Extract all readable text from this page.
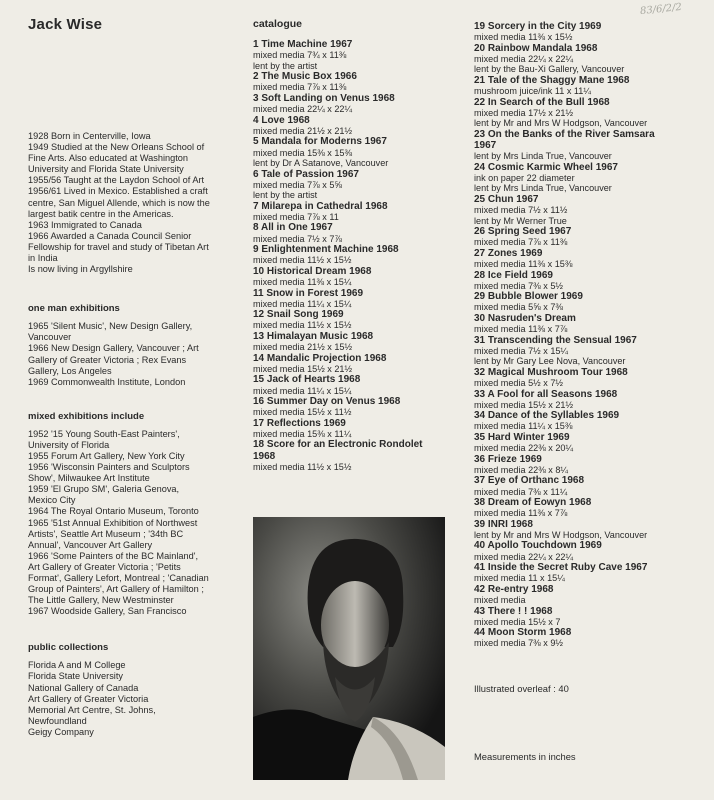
Jack Wise
1928 Born in Centerville, Iowa
1949 Studied at the New Orleans School of
Fine Arts. Also educated at Washington
University and Florida State University
1955/56 Taught at the Laydon School of Art
1956/61 Lived in Mexico. Established a craft
centre, San Miguel Allende, which is now the
largest batik centre in the Americas.
1963 Immigrated to Canada
1966 Awarded a Canada Council Senior
Fellowship for travel and study of Tibetan Art
in India
Is now living in Argyllshire
one man exhibitions
1965 'Silent Music', New Design Gallery,
Vancouver
1966 New Design Gallery, Vancouver ; Art
Gallery of Greater Victoria ; Rex Evans
Gallery, Los Angeles
1969 Commonwealth Institute, London
mixed exhibitions include
1952 '15 Young South-East Painters',
University of Florida
1955 Forum Art Gallery, New York City
1956 'Wisconsin Painters and Sculptors
Show', Milwaukee Art Institute
1959 'El Grupo SM', Galeria Genova,
Mexico City
1964 The Royal Ontario Museum, Toronto
1965 '51st Annual Exhibition of Northwest
Artists', Seattle Art Museum ; '34th BC
Annual', Vancouver Art Gallery
1966 'Some Painters of the BC Mainland',
Art Gallery of Greater Victoria ; 'Petits
Format', Gallery Lefort, Montreal ; 'Canadian
Group of Painters', Art Gallery of Hamilton ;
The Little Gallery, New Westminster
1967 Woodside Gallery, San Francisco
public collections
Florida A and M College
Florida State University
National Gallery of Canada
Art Gallery of Greater Victoria
Memorial Art Centre, St. Johns,
Newfoundland
Geigy Company
catalogue
1 Time Machine 1967
mixed media 7¾ x 11⅜
lent by the artist
2 The Music Box 1966
mixed media 7⅞ x 11⅜
3 Soft Landing on Venus 1968
mixed media 22¼ x 22¼
4 Love 1968
mixed media 21½ x 21½
5 Mandala for Moderns 1967
mixed media 15⅜ x 15⅜
lent by Dr A Satanove, Vancouver
6 Tale of Passion 1967
mixed media 7⅞ x 5⅝
lent by the artist
7 Milarepa in Cathedral 1968
mixed media 7⅞ x 11
8 All in One 1967
mixed media 7½ x 7⅞
9 Enlightenment Machine 1968
mixed media 11½ x 15½
10 Historical Dream 1968
mixed media 11⅜ x 15¼
11 Snow in Forest 1969
mixed media 11¼ x 15¼
12 Snail Song 1969
mixed media 11½ x 15½
13 Himalayan Music 1968
mixed media 21½ x 15½
14 Mandalic Projection 1968
mixed media 15½ x 21½
15 Jack of Hearts 1968
mixed media 11¼ x 15¼
16 Summer Day on Venus 1968
mixed media 15½ x 11½
17 Reflections 1969
mixed media 15⅜ x 11¼
18 Score for an Electronic Rondolet
1968
mixed media 11½ x 15½
19 Sorcery in the City 1969
mixed media 11⅜ x 15½
20 Rainbow Mandala 1968
mixed media 22¼ x 22¼
lent by the Bau-Xi Gallery, Vancouver
21 Tale of the Shaggy Mane 1968
mushroom juice/ink 11 x 11¼
22 In Search of the Bull 1968
mixed media 17½ x 21½
lent by Mr and Mrs W Hodgson, Vancouver
23 On the Banks of the River Samsara
1967
lent by Mrs Linda True, Vancouver
24 Cosmic Karmic Wheel 1967
ink on paper 22 diameter
lent by Mrs Linda True, Vancouver
25 Chun 1967
mixed media 7½ x 11½
lent by Mr Werner True
26 Spring Seed 1967
mixed media 7⅞ x 11⅜
27 Zones 1969
mixed media 11⅜ x 15⅜
28 Ice Field 1969
mixed media 7⅜ x 5½
29 Bubble Blower 1969
mixed media 5⅝ x 7⅜
30 Nasruden's Dream
mixed media 11⅜ x 7⅞
31 Transcending the Sensual 1967
mixed media 7½ x 15¼
lent by Mr Gary Lee Nova, Vancouver
32 Magical Mushroom Tour 1968
mixed media 5½ x 7½
33 A Fool for all Seasons 1968
mixed media 15½ x 21½
34 Dance of the Syllables 1969
mixed media 11¼ x 15⅜
35 Hard Winter 1969
mixed media 22⅜ x 20¼
36 Frieze 1969
mixed media 22⅜ x 8¼
37 Eye of Orthanc 1968
mixed media 7⅜ x 11¼
38 Dream of Eowyn 1968
mixed media 11⅜ x 7⅞
39 INRI 1968
lent by Mr and Mrs W Hodgson, Vancouver
40 Apollo Touchdown 1969
mixed media 22¼ x 22¼
41 Inside the Secret Ruby Cave 1967
mixed media 11 x 15¼
42 Re-entry 1968
mixed media
43 There ! ! 1968
mixed media 15½ x 7
44 Moon Storm 1968
mixed media 7⅜ x 9½
Illustrated overleaf : 40
Measurements in inches
83/6/2/2
